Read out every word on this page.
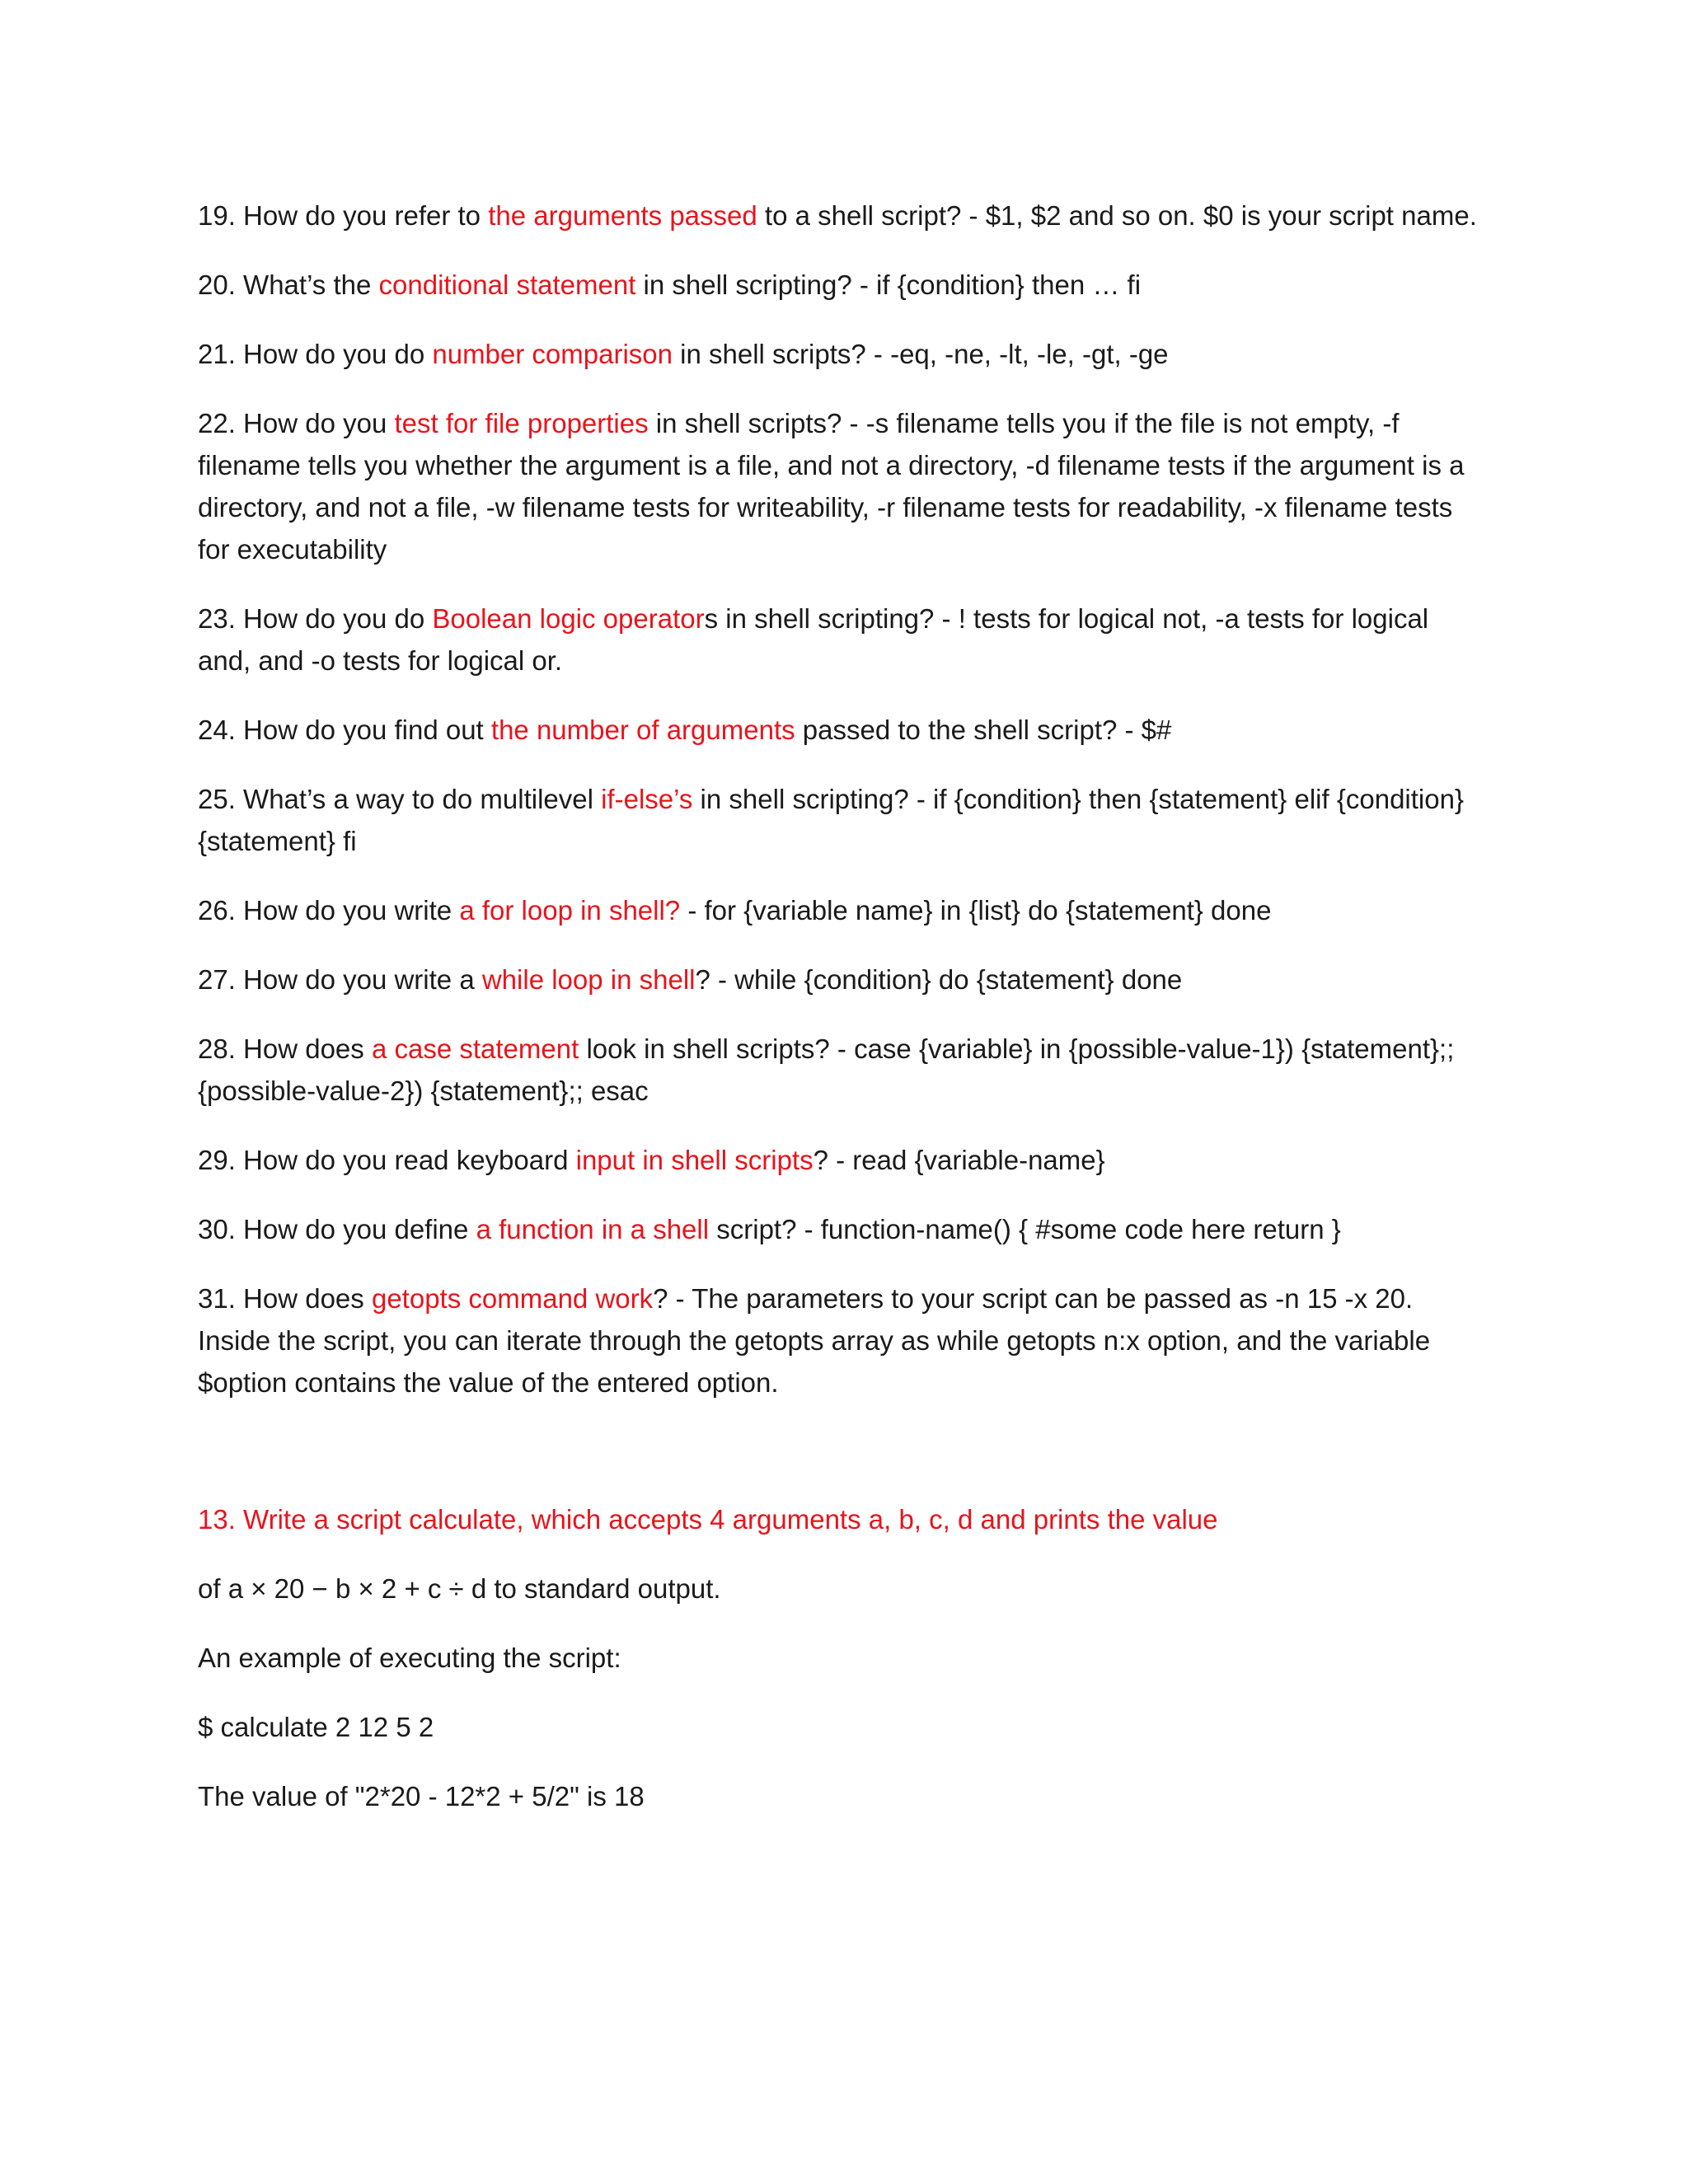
19. How do you refer to the arguments passed to a shell script? - $1, $2 and so on. $0 is your script name.

20. What’s the conditional statement in shell scripting? - if {condition} then … fi

21. How do you do number comparison in shell scripts? - -eq, -ne, -lt, -le, -gt, -ge

22. How do you test for file properties in shell scripts? - -s filename tells you if the file is not empty, -f filename tells you whether the argument is a file, and not a directory, -d filename tests if the argument is a directory, and not a file, -w filename tests for writeability, -r filename tests for readability, -x filename tests for executability

23. How do you do Boolean logic operators in shell scripting? - ! tests for logical not, -a tests for logical and, and -o tests for logical or.

24. How do you find out the number of arguments passed to the shell script? - $#

25. What’s a way to do multilevel if-else’s in shell scripting? - if {condition} then {statement} elif {condition} {statement} fi

26. How do you write a for loop in shell? - for {variable name} in {list} do {statement} done

27. How do you write a while loop in shell? - while {condition} do {statement} done

28. How does a case statement look in shell scripts? - case {variable} in {possible-value-1}) {statement};; {possible-value-2}) {statement};; esac

29. How do you read keyboard input in shell scripts? - read {variable-name}

30. How do you define a function in a shell script? - function-name() { #some code here return }

31. How does getopts command work? - The parameters to your script can be passed as -n 15 -x 20. Inside the script, you can iterate through the getopts array as while getopts n:x option, and the variable $option contains the value of the entered option.

13. Write a script calculate, which accepts 4 arguments a, b, c, d and prints the value

of a × 20 − b × 2 + c ÷ d to standard output.

An example of executing the script:

$ calculate 2 12 5 2

The value of "2*20 - 12*2 + 5/2" is 18
